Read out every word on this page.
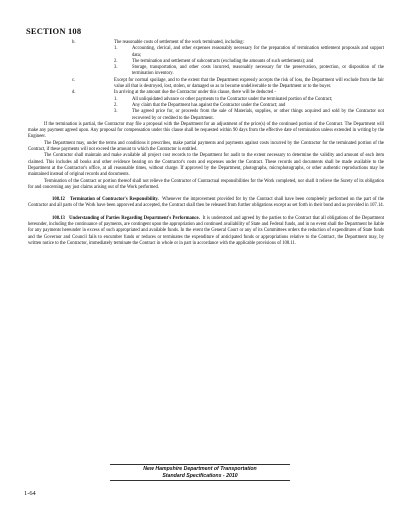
SECTION 108
b.	The reasonable costs of settlement of the work terminated, including:
1.	Accounting, clerical, and other expenses reasonably necessary for the preparation of termination settlement proposals and support data;
2.	The termination and settlement of subcontracts (excluding the amounts of such settlements); and
3.	Storage, transportation, and other costs incurred, reasonably necessary for the preservation, protection, or disposition of the termination inventory.
c.	Except for normal spoilage, and to the extent that the Department expressly accepts the risk of loss, the Department will exclude from the fair value all that is destroyed, lost, stolen, or damaged so as to become undeliverable to the Department or to the buyer.
d.	In arriving at the amount due the Contractor under this clause, there will be deducted -
1.	All unliquidated advance or other payments to the Contractor under the terminated portion of the Contract;
2.	Any claim that the Department has against the Contractor under the Contract; and
3.	The agreed price for, or proceeds from the sale of Materials, supplies, or other things acquired and sold by the Contractor not recovered by or credited to the Department.

If the termination is partial, the Contractor may file a proposal with the Department for an adjustment of the price(s) of the continued portion of the Contract. The Department will make any payment agreed upon. Any proposal for compensation under this clause shall be requested within 90 days from the effective date of termination unless extended in writing by the Engineer.

The Department may, under the terms and conditions it prescribes, make partial payments and payments against costs incurred by the Contractor for the terminated portion of the Contract, if these payments will not exceed the amount to which the Contractor is entitled.

The Contractor shall maintain and make available all project cost records to the Department for audit to the extent necessary to determine the validity and amount of each item claimed. This includes all books and other evidence bearing on the Contractor's costs and expenses under the Contract. These records and documents shall be made available to the Department at the Contractor's office, at all reasonable times, without charge. If approved by the Department, photographs, microphotographs, or other authentic reproductions may be maintained instead of original records and documents.

Termination of the Contract or portion thereof shall not relieve the Contractor of Contractual responsibilities for the Work completed, nor shall it relieve the Surety of its obligation for and concerning any just claims arising out of the Work performed.

108.12 Termination of Contractor's Responsibility. Whenever the improvement provided for by the Contract shall have been completely performed on the part of the Contractor and all parts of the Work have been approved and accepted, the Contract shall then be released from further obligations except as set forth in their bond and as provided in 107.14.

108.13 Understanding of Parties Regarding Department's Performance. It is understood and agreed by the parties to the Contract that all obligations of the Department hereunder, including the continuance of payments, are contingent upon the appropriation and continued availability of State and Federal funds, and in no event shall the Department be liable for any payments hereunder in excess of such appropriated and available funds. In the event the General Court or any of its Committees orders the reduction of expenditures of State funds and the Governor and Council fails to encumber funds or reduces or terminates the expenditure of anticipated funds or appropriations relative to the Contract, the Department may, by written notice to the Contractor, immediately terminate the Contract in whole or in part in accordance with the applicable provisions of 108.11.

New Hampshire Department of Transportation
Standard Specifications - 2010
1-64
